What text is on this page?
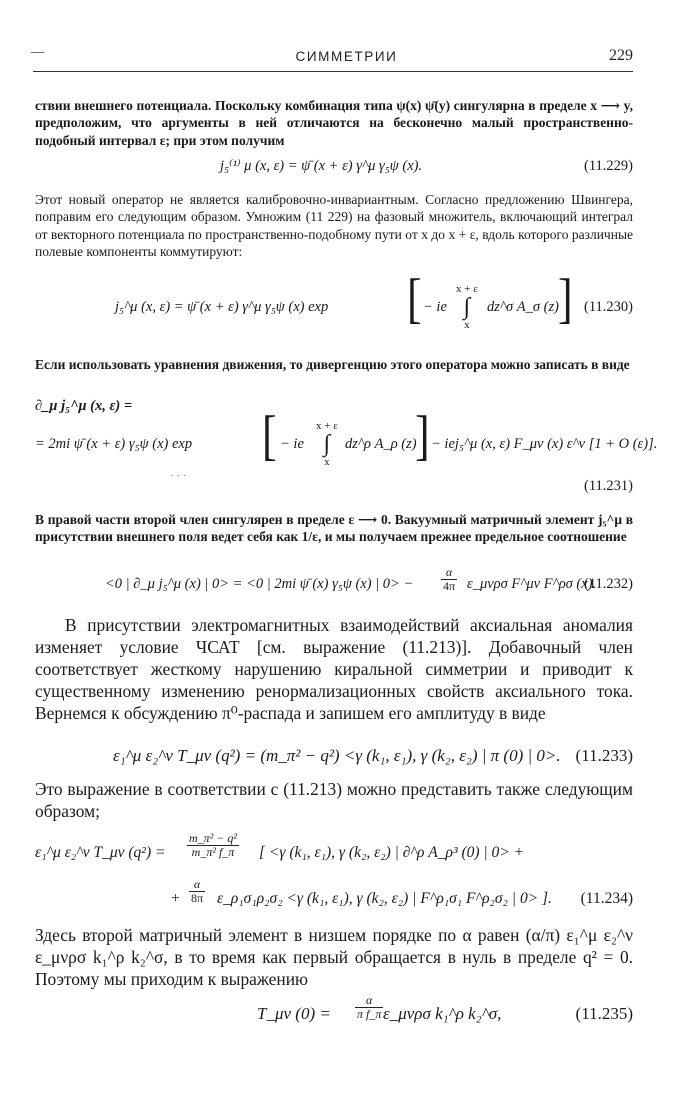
—	СИММЕТРИИ	229

ствии внешнего потенциала. Поскольку комбинация типа ψ(x) ψ̄(y) сингулярна в пределе x ⟶ y, предположим, что аргументы в ней отличаются на бесконечно малый пространственно-подобный интервал ε; при этом получим

j₅⁽¹⁾ μ (x, ε) = ψ̄ (x + ε) γ^μ γ₅ψ (x).	(11.229)

Этот новый оператор не является калибровочно-инвариантным. Согласно предложению Швингера, поправим его следующим образом. Умножим (11 229) на фазовый множитель, включающий интеграл от векторного потенциала по пространственно-подобному пути от x до x + ε, вдоль которого различные полевые компоненты коммутируют:

j₅^μ (x, ε) = ψ̄ (x + ε) γ^μ γ₅ψ (x) exp [ − ie
x + ε
∫
x
dz^σ A_σ (z) ] (11.230)

Если использовать уравнения движения, то дивергенцию этого оператора можно записать в виде

∂_μ j₅^μ (x, ε) =
= 2mi ψ̄ (x + ε) γ₅ψ (x) exp [ − ie
x + ε
∫
x
dz^ρ A_ρ (z)
] − iej₅^μ (x, ε) F_μν (x) ε^ν [1 + O (ε)].
· · ·
(11.231)

В правой части второй член сингулярен в пределе ε ⟶ 0. Вакуумный матричный элемент j₅^μ в присутствии внешнего поля ведет себя как 1/ε, и мы получаем прежнее предельное соотношение

<0 | ∂_μ j₅^μ (x) | 0> = <0 | 2mi ψ̄ (x) γ₅ψ (x) | $0> - \frac{\alpha}{4\pi}$ ε_μνρσ F^μν F^ρσ (x).
(11.232)

В присутствии электромагнитных взаимодействий аксиальная аномалия изменяет условие ЧСАТ [см. выражение (11.213)]. Добавочный член соответствует жесткому нарушению киральной симметрии и приводит к существенному изменению ренормализационных свойств аксиального тока. Вернемся к обсуждению π⁰-распада и запишем его амплитуду в виде

ε₁^μ ε₂^ν T_μν (q²) = (m_π² − q²) <γ (k₁, ε₁), γ (k₂, ε₂) | π (0) | 0>. (11.233)

Это выражение в соответствии с (11.213) можно представить также следующим образом;

ε₁^μ ε₂^ν T_μν $(q^2) = \frac{\text{m\_π² − q²}}{\text{m\_π² f\_π}}$ [ <γ (k₁, ε₁), γ (k₂, ε₂) | ∂^ρ A_ρ³ (0) | 0> +
+ $\frac{\alpha}{8\pi}$ ε_ρ₁σ₁ρ₂σ₂ <γ (k₁, ε₁), γ (k₂, ε₂) | F^ρ₁σ₁ F^ρ₂σ₂ | 0> ]. (11.234)

Здесь второй матричный элемент в низшем порядке по α равен (α/π) ε₁^μ ε₂^ν ε_μνρσ k₁^ρ k₂^σ, в то время как первый обращается в нуль в пределе q² = 0. Поэтому мы приходим к выражению

T_μν $(0) = \frac{\alpha}{\text{π f\_π}}$ ε_μνρσ k₁^ρ k₂^σ,	(11.235)
